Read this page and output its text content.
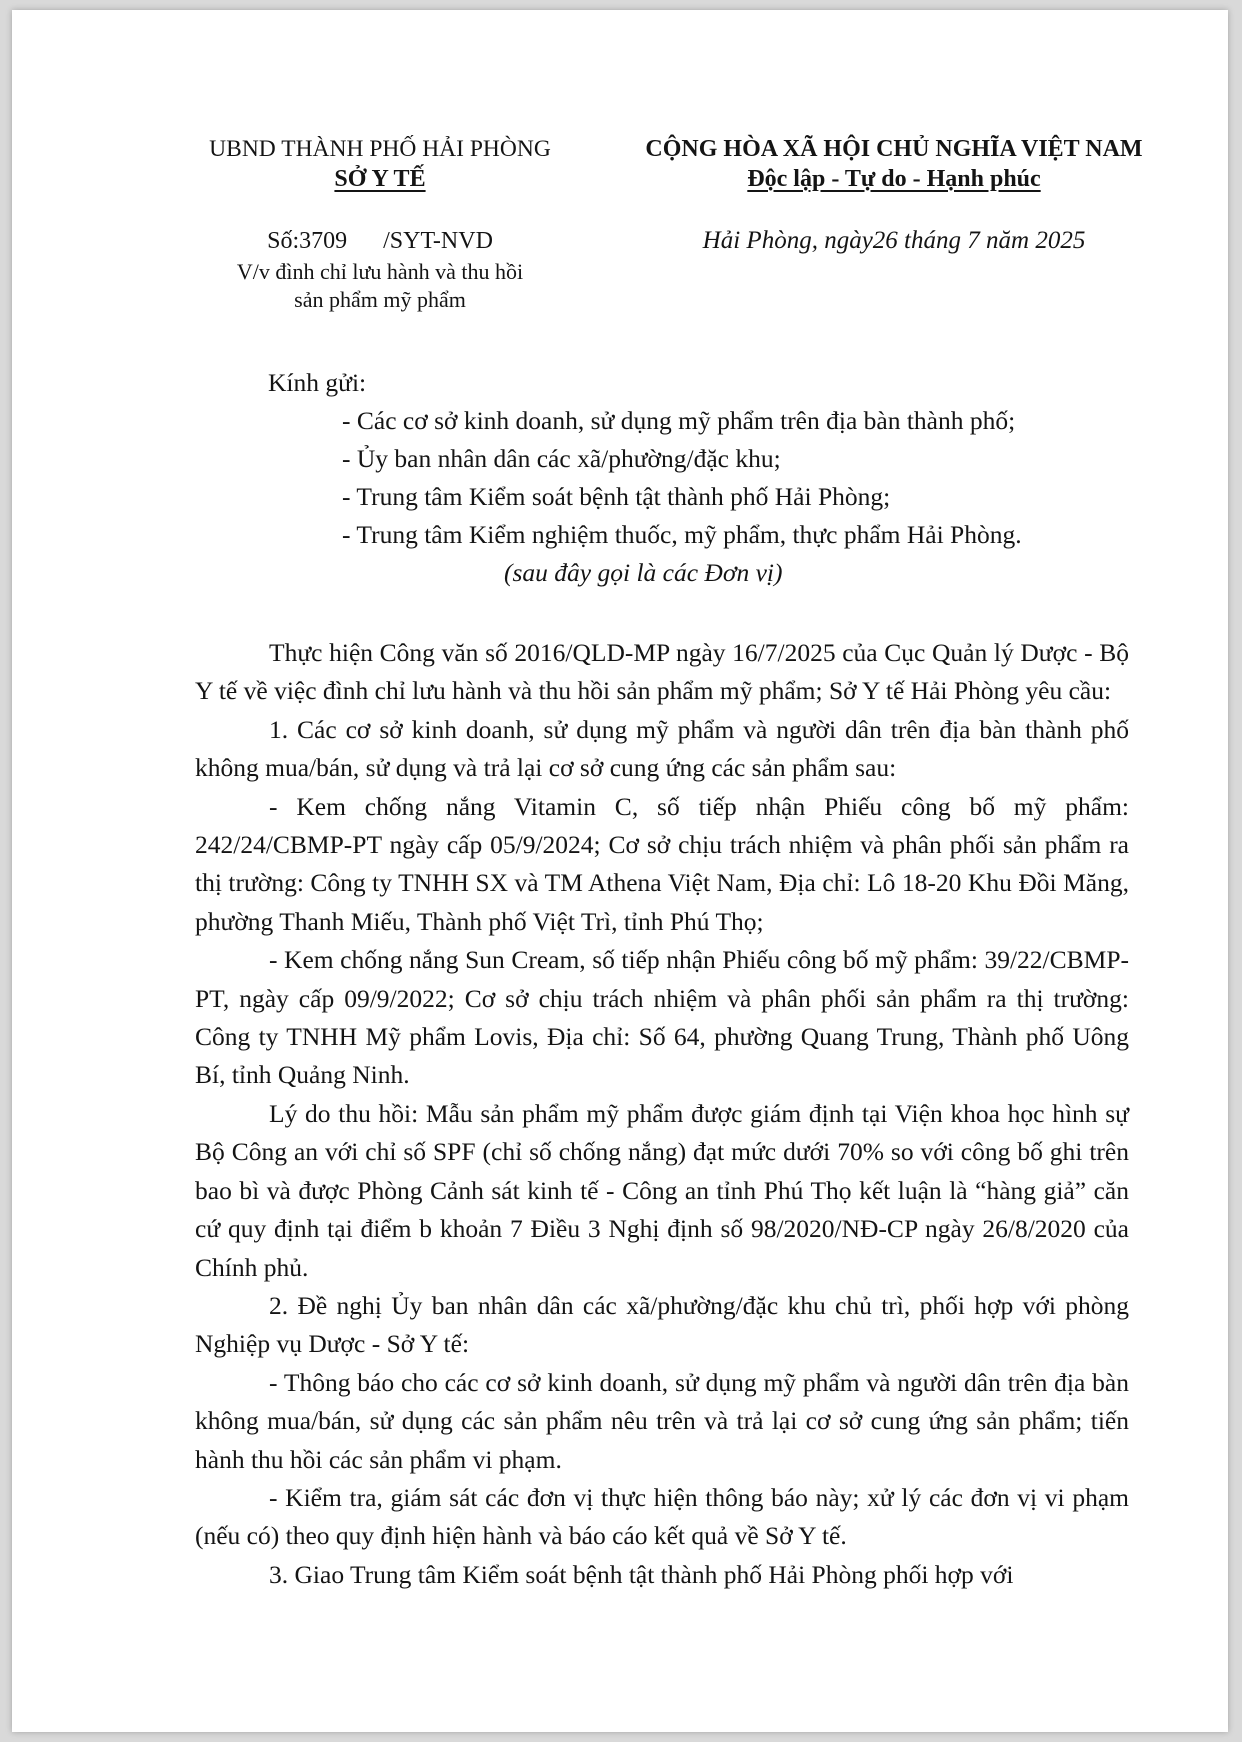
UBND THÀNH PHỐ HẢI PHÒNG
SỞ Y TẾ
CỘNG HÒA XÃ HỘI CHỦ NGHĨA VIỆT NAM
Độc lập - Tự do - Hạnh phúc
Số:3709 /SYT-NVD
V/v đình chỉ lưu hành và thu hồi
sản phẩm mỹ phẩm
Hải Phòng, ngày26 tháng 7 năm 2025
Kính gửi:
- Các cơ sở kinh doanh, sử dụng mỹ phẩm trên địa bàn thành phố;
- Ủy ban nhân dân các xã/phường/đặc khu;
- Trung tâm Kiểm soát bệnh tật thành phố Hải Phòng;
- Trung tâm Kiểm nghiệm thuốc, mỹ phẩm, thực phẩm Hải Phòng.
(sau đây gọi là các Đơn vị)

Thực hiện Công văn số 2016/QLD-MP ngày 16/7/2025 của Cục Quản lý Dược - Bộ Y tế về việc đình chỉ lưu hành và thu hồi sản phẩm mỹ phẩm; Sở Y tế Hải Phòng yêu cầu:

1. Các cơ sở kinh doanh, sử dụng mỹ phẩm và người dân trên địa bàn thành phố không mua/bán, sử dụng và trả lại cơ sở cung ứng các sản phẩm sau:

- Kem chống nắng Vitamin C, số tiếp nhận Phiếu công bố mỹ phẩm: 242/24/CBMP-PT ngày cấp 05/9/2024; Cơ sở chịu trách nhiệm và phân phối sản phẩm ra thị trường: Công ty TNHH SX và TM Athena Việt Nam, Địa chỉ: Lô 18-20 Khu Đồi Măng, phường Thanh Miếu, Thành phố Việt Trì, tỉnh Phú Thọ;

- Kem chống nắng Sun Cream, số tiếp nhận Phiếu công bố mỹ phẩm: 39/22/CBMP-PT, ngày cấp 09/9/2022; Cơ sở chịu trách nhiệm và phân phối sản phẩm ra thị trường: Công ty TNHH Mỹ phẩm Lovis, Địa chỉ: Số 64, phường Quang Trung, Thành phố Uông Bí, tỉnh Quảng Ninh.

Lý do thu hồi: Mẫu sản phẩm mỹ phẩm được giám định tại Viện khoa học hình sự Bộ Công an với chỉ số SPF (chỉ số chống nắng) đạt mức dưới 70% so với công bố ghi trên bao bì và được Phòng Cảnh sát kinh tế - Công an tỉnh Phú Thọ kết luận là “hàng giả” căn cứ quy định tại điểm b khoản 7 Điều 3 Nghị định số 98/2020/NĐ-CP ngày 26/8/2020 của Chính phủ.

2. Đề nghị Ủy ban nhân dân các xã/phường/đặc khu chủ trì, phối hợp với phòng Nghiệp vụ Dược - Sở Y tế:

- Thông báo cho các cơ sở kinh doanh, sử dụng mỹ phẩm và người dân trên địa bàn không mua/bán, sử dụng các sản phẩm nêu trên và trả lại cơ sở cung ứng sản phẩm; tiến hành thu hồi các sản phẩm vi phạm.

- Kiểm tra, giám sát các đơn vị thực hiện thông báo này; xử lý các đơn vị vi phạm (nếu có) theo quy định hiện hành và báo cáo kết quả về Sở Y tế.

3. Giao Trung tâm Kiểm soát bệnh tật thành phố Hải Phòng phối hợp với
